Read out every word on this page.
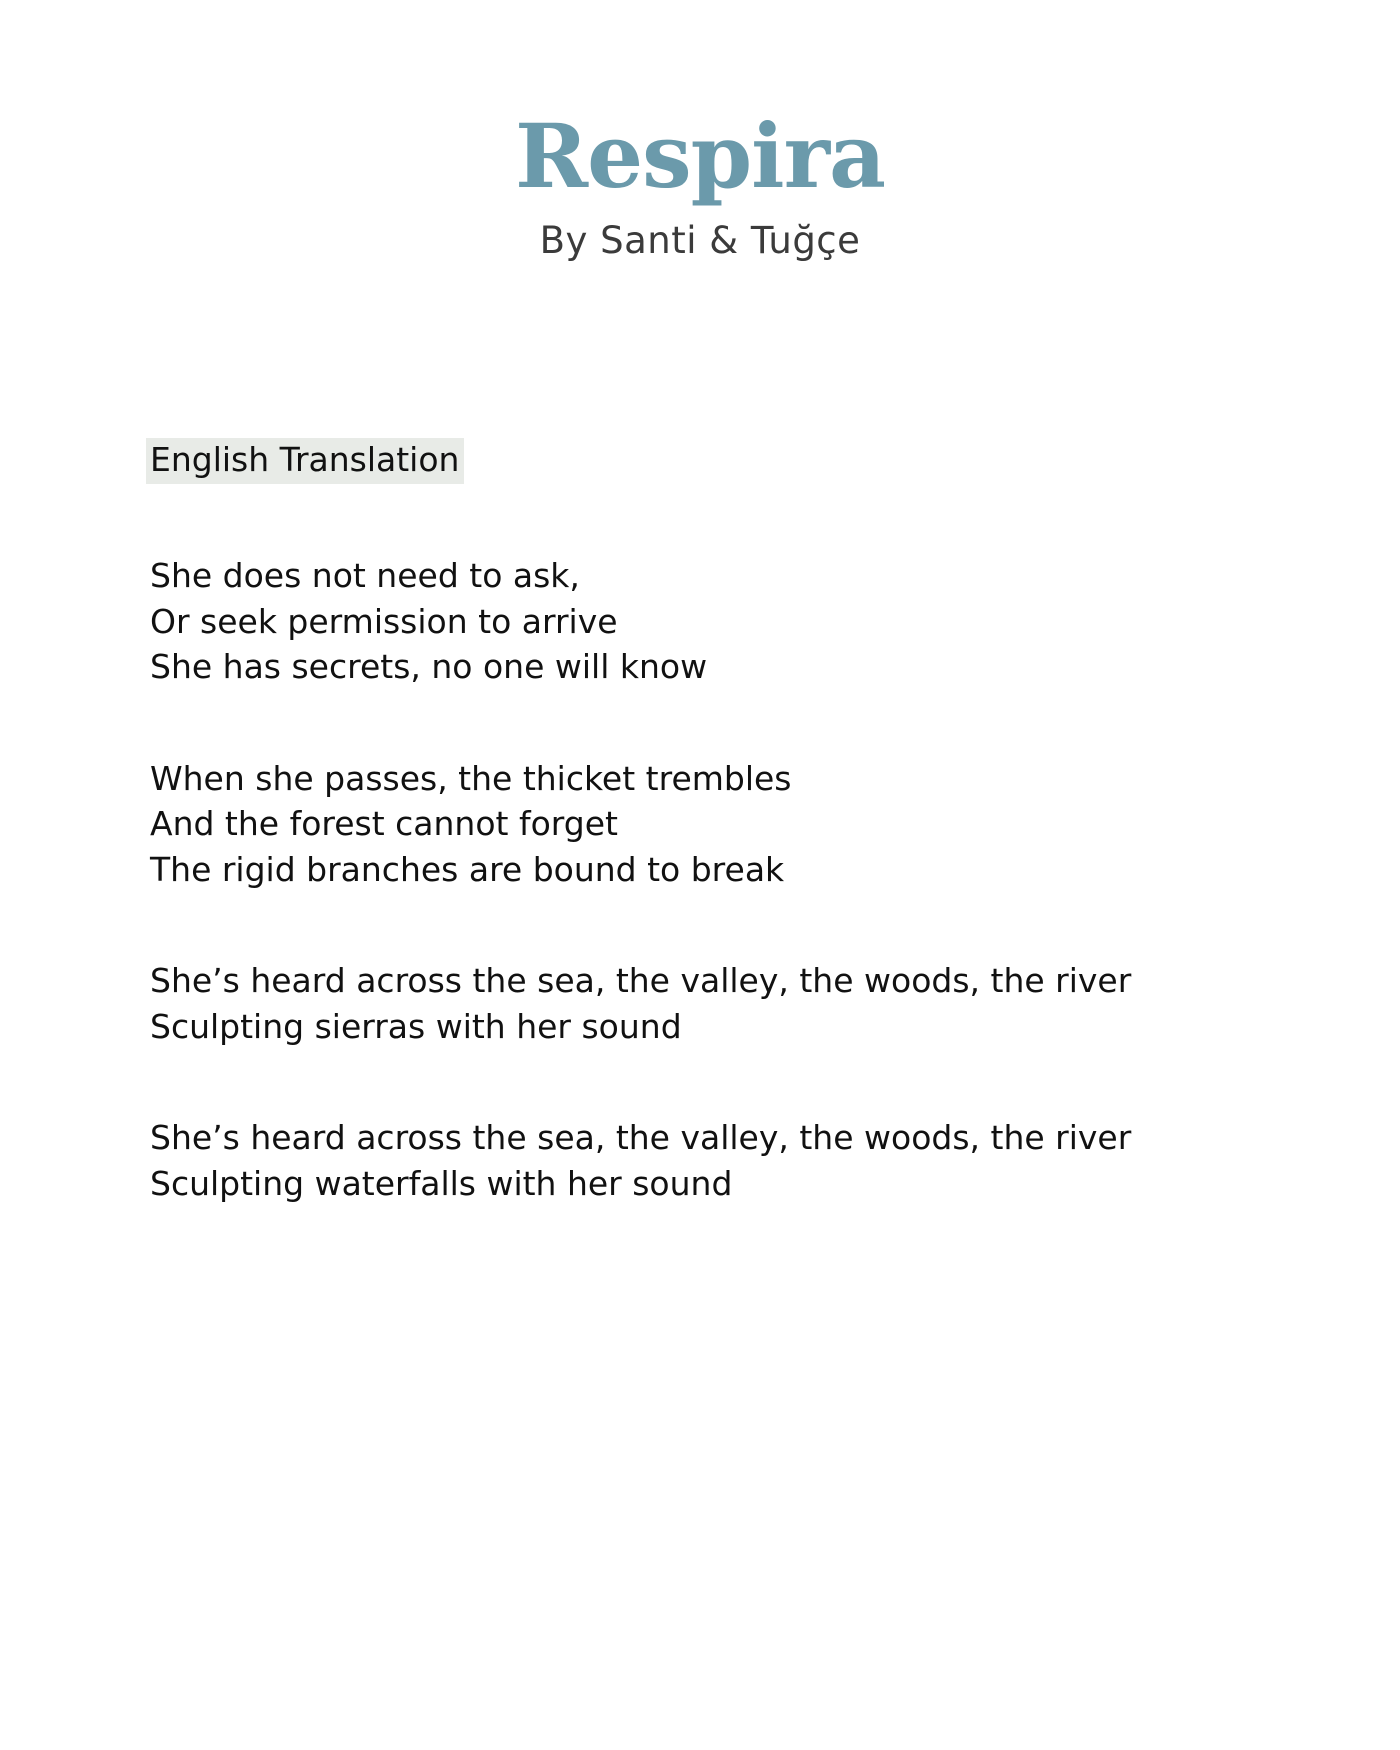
Respira
By Santi & Tuğçe
English Translation
She does not need to ask,
Or seek permission to arrive
She has secrets, no one will know
When she passes, the thicket trembles
And the forest cannot forget
The rigid branches are bound to break
She’s heard across the sea, the valley, the woods, the river
Sculpting sierras with her sound
She’s heard across the sea, the valley, the woods, the river
Sculpting waterfalls with her sound
